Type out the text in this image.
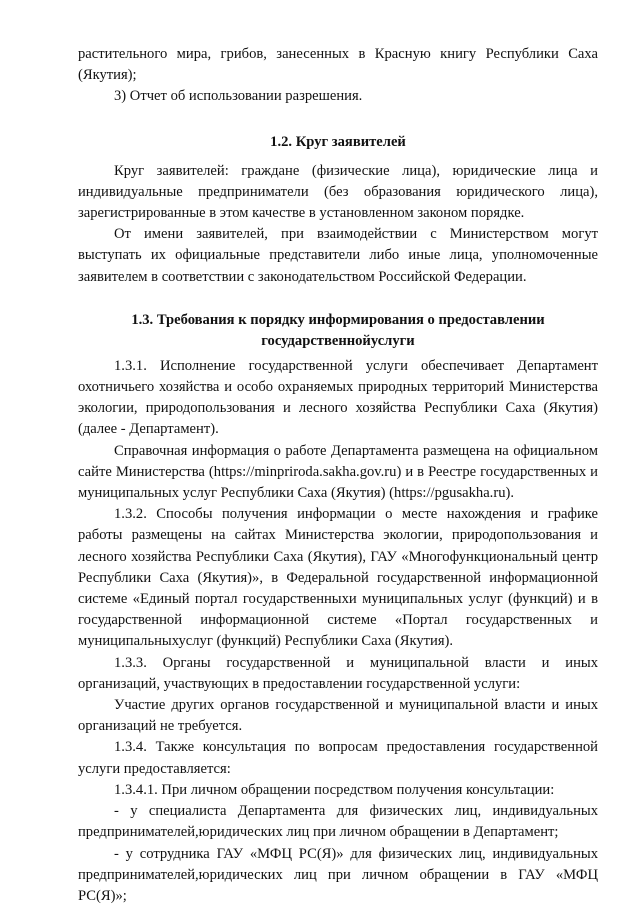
растительного мира, грибов, занесенных в Красную книгу Республики Саха (Якутия);

3) Отчет об использовании разрешения.

1.2. Круг заявителей

Круг заявителей: граждане (физические лица), юридические лица и индивидуальные предприниматели (без образования юридического лица), зарегистрированные в этом качестве в установленном законом порядке.

От имени заявителей, при взаимодействии с Министерством могут выступать их официальные представители либо иные лица, уполномоченные заявителем в соответствии с законодательством Российской Федерации.

1.3. Требования к порядку информирования о предоставлении
государственнойуслуги

1.3.1. Исполнение государственной услуги обеспечивает Департамент охотничьего хозяйства и особо охраняемых природных территорий Министерства экологии, природопользования и лесного хозяйства Республики Саха (Якутия) (далее - Департамент).

Справочная информация о работе Департамента размещена на официальном сайте Министерства (https://minpriroda.sakha.gov.ru) и в Реестре государственных и муниципальных услуг Республики Саха (Якутия) (https://pgusakha.ru).

1.3.2. Способы получения информации о месте нахождения и графике работы размещены на сайтах Министерства экологии, природопользования и лесного хозяйства Республики Саха (Якутия), ГАУ «Многофункциональный центр Республики Саха (Якутия)», в Федеральной государственной информационной системе «Единый портал государственныхи муниципальных услуг (функций) и в государственной информационной системе «Портал государственных и муниципальныхуслуг (функций) Республики Саха (Якутия).

1.3.3. Органы государственной и муниципальной власти и иных организаций, участвующих в предоставлении государственной услуги:

Участие других органов государственной и муниципальной власти и иных организаций не требуется.

1.3.4. Также консультация по вопросам предоставления государственной услуги предоставляется:

1.3.4.1. При личном обращении посредством получения консультации:

- у специалиста Департамента для физических лиц, индивидуальных предпринимателей,юридических лиц при личном обращении в Департамент;

- у сотрудника ГАУ «МФЦ РС(Я)» для физических лиц, индивидуальных предпринимателей,юридических лиц при личном обращении в ГАУ «МФЦ РС(Я)»;
